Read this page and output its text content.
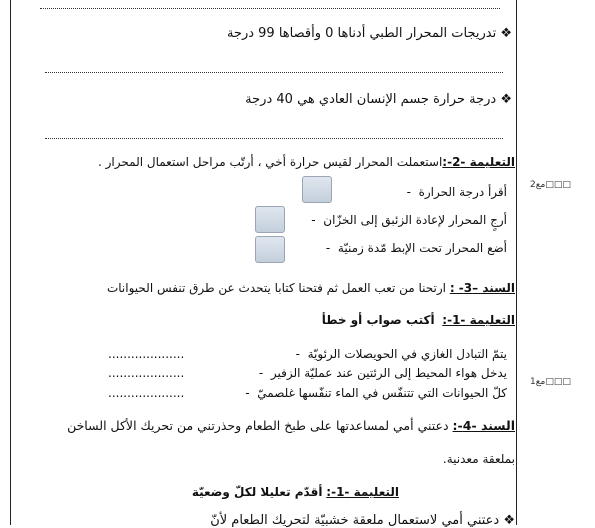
❖ تدريجات المحرار الطبي أدناها 0 وأقصاها 99 درجة
❖ درجة حرارة جسم الإنسان العادي هي 40 درجة
التعليمة -2-:استعملت المحرار لقيس حرارة أخي ، أرتّب مراحل استعمال المحرار .
أقرأ درجة الحرارة  -
أرجٍ المحرار لإعادة الزئبق إلى الخزّان  -
أضع المحرار تحت الإبط مّدة زمنيّة  -
السند –3- : ارتحنا من تعب العمل ثم فتحنا كتابا يتحدث عن طرق تنفس الحيوانات
التعليمة -1-:  أكتب صواب أو خطأ
يتمّ التبادل الغازي في الحويصلات الرئويّة  -
....................
يدخل هواء المحيط إلى الرئتين عند عمليّة الزفير  -
....................
كلّ الحيوانات التي تتنفّس في الماء تنفّسها غلصميّ  -
....................
السند -4-: دعتني أمي لمساعدتها على طبخ الطعام وحذرتني من تحريك الأكل الساخن
بملعقة معدنية.
التعليمة -1-: أقدّم تعليلا لكلّ وضعيّة
❖ دعتني أمي لاستعمال ملعقة خشبيّة لتحريك الطعام لأنّ
مع2□□□
مع1□□□
